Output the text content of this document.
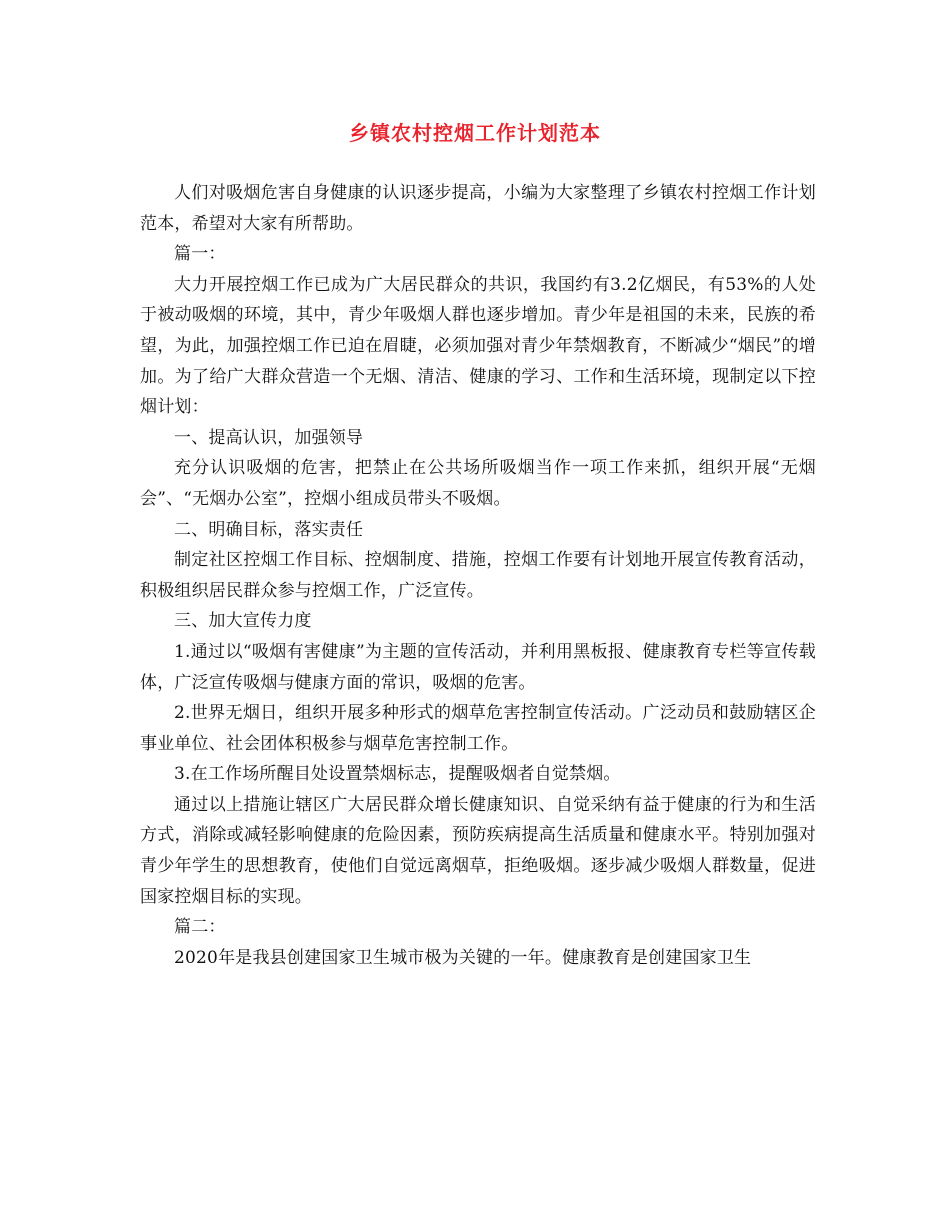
乡镇农村控烟工作计划范本

人们对吸烟危害自身健康的认识逐步提高，小编为大家整理了乡镇农村控烟工作计划范本，希望对大家有所帮助。

篇一：

大力开展控烟工作已成为广大居民群众的共识，我国约有3.2亿烟民，有53%的人处于被动吸烟的环境，其中，青少年吸烟人群也逐步增加。青少年是祖国的未来，民族的希望，为此，加强控烟工作已迫在眉睫，必须加强对青少年禁烟教育，不断减少“烟民”的增加。为了给广大群众营造一个无烟、清洁、健康的学习、工作和生活环境，现制定以下控烟计划：

一、提高认识，加强领导

充分认识吸烟的危害，把禁止在公共场所吸烟当作一项工作来抓，组织开展“无烟会”、“无烟办公室”，控烟小组成员带头不吸烟。

二、明确目标，落实责任

制定社区控烟工作目标、控烟制度、措施，控烟工作要有计划地开展宣传教育活动，积极组织居民群众参与控烟工作，广泛宣传。

三、加大宣传力度

1.通过以“吸烟有害健康”为主题的宣传活动，并利用黑板报、健康教育专栏等宣传载体，广泛宣传吸烟与健康方面的常识，吸烟的危害。

2.世界无烟日，组织开展多种形式的烟草危害控制宣传活动。广泛动员和鼓励辖区企事业单位、社会团体积极参与烟草危害控制工作。

3.在工作场所醒目处设置禁烟标志，提醒吸烟者自觉禁烟。

通过以上措施让辖区广大居民群众增长健康知识、自觉采纳有益于健康的行为和生活方式，消除或减轻影响健康的危险因素，预防疾病提高生活质量和健康水平。特别加强对青少年学生的思想教育，使他们自觉远离烟草，拒绝吸烟。逐步减少吸烟人群数量，促进国家控烟目标的实现。

篇二：

2020年是我县创建国家卫生城市极为关键的一年。健康教育是创建国家卫生
